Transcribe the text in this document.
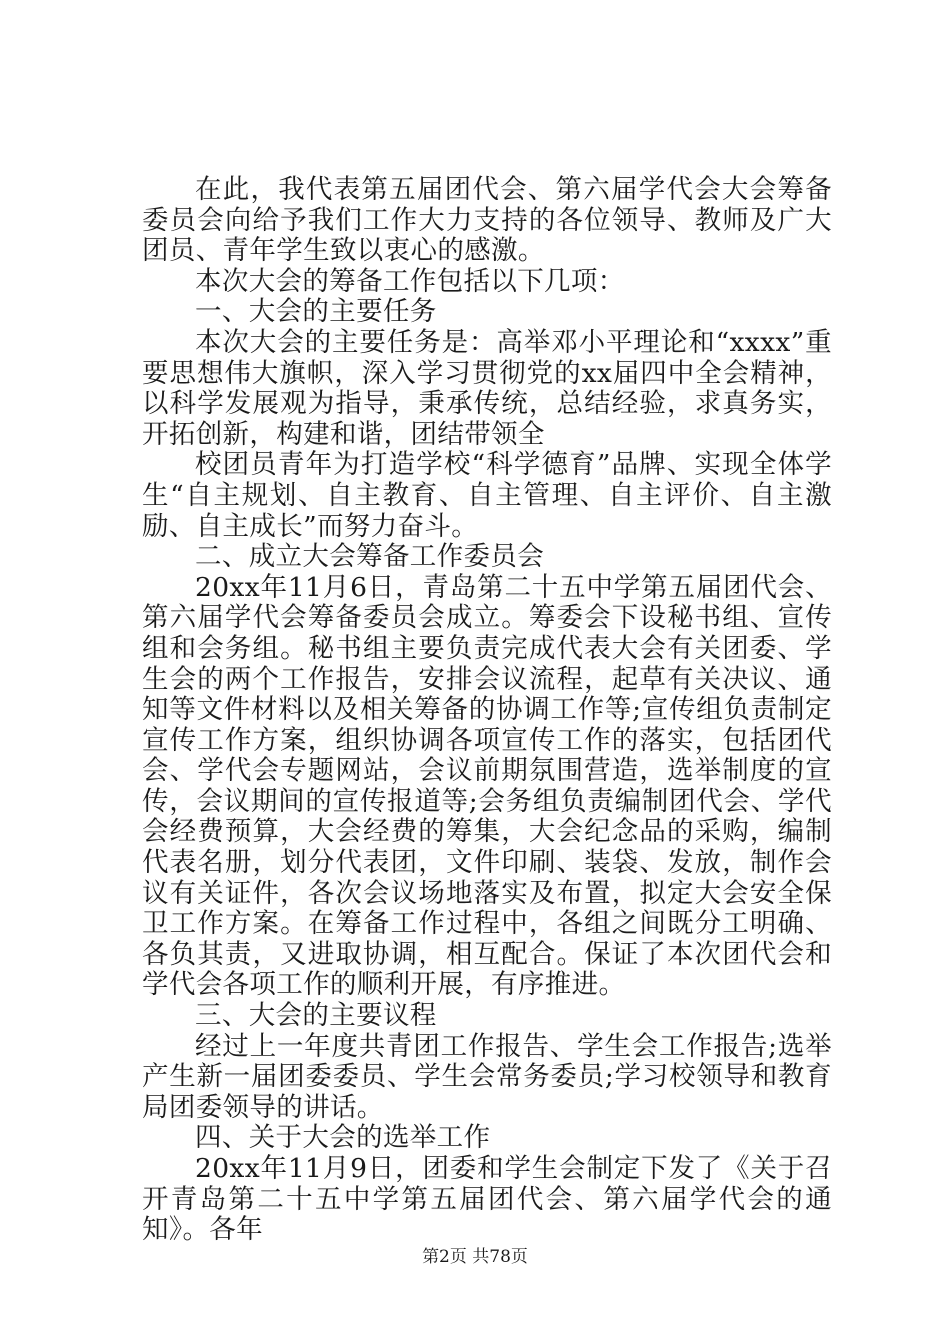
在此，我代表第五届团代会、第六届学代会大会筹备委员会向给予我们工作大力支持的各位领导、教师及广大团员、青年学生致以衷心的感激。

本次大会的筹备工作包括以下几项：

一、大会的主要任务

本次大会的主要任务是：高举邓小平理论和“xxxx”重要思想伟大旗帜，深入学习贯彻党的xx届四中全会精神，以科学发展观为指导，秉承传统，总结经验，求真务实，开拓创新，构建和谐，团结带领全

校团员青年为打造学校“科学德育”品牌、实现全体学生“自主规划、自主教育、自主管理、自主评价、自主激励、自主成长”而努力奋斗。

二、成立大会筹备工作委员会

20xx年11月6日，青岛第二十五中学第五届团代会、第六届学代会筹备委员会成立。筹委会下设秘书组、宣传组和会务组。秘书组主要负责完成代表大会有关团委、学生会的两个工作报告，安排会议流程，起草有关决议、通知等文件材料以及相关筹备的协调工作等;宣传组负责制定宣传工作方案，组织协调各项宣传工作的落实，包括团代会、学代会专题网站，会议前期氛围营造，选举制度的宣传，会议期间的宣传报道等;会务组负责编制团代会、学代会经费预算，大会经费的筹集，大会纪念品的采购，编制代表名册，划分代表团，文件印刷、装袋、发放，制作会议有关证件，各次会议场地落实及布置，拟定大会安全保卫工作方案。在筹备工作过程中，各组之间既分工明确、各负其责，又进取协调，相互配合。保证了本次团代会和学代会各项工作的顺利开展，有序推进。

三、大会的主要议程

经过上一年度共青团工作报告、学生会工作报告;选举产生新一届团委委员、学生会常务委员;学习校领导和教育局团委领导的讲话。

四、关于大会的选举工作

20xx年11月9日，团委和学生会制定下发了《关于召开青岛第二十五中学第五届团代会、第六届学代会的通知》。各年

第2页 共78页
